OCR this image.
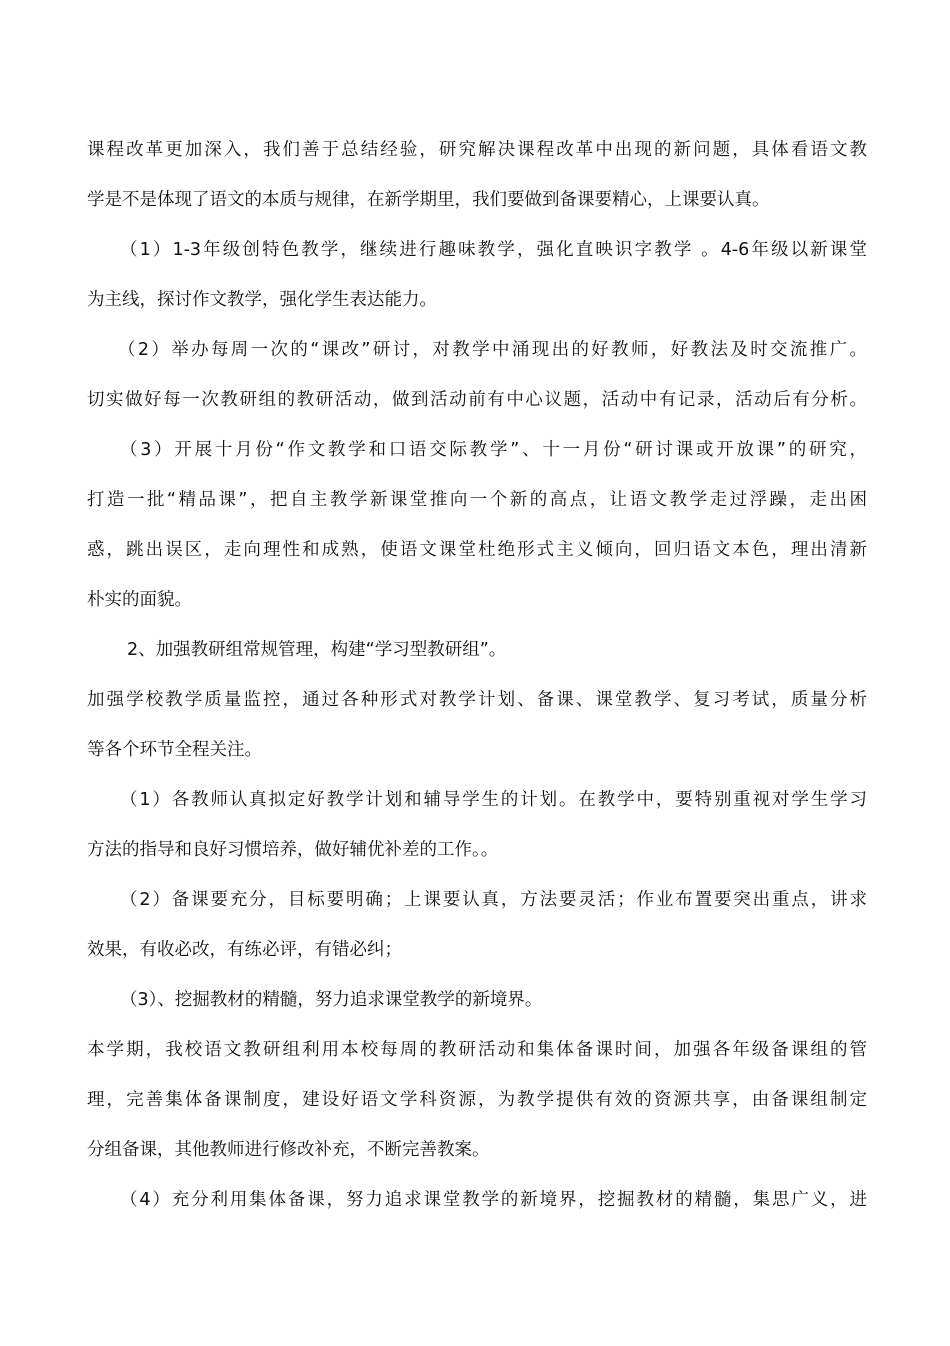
课程改革更加深入，我们善于总结经验，研究解决课程改革中出现的新问题，具体看语文教
学是不是体现了语文的本质与规律，在新学期里，我们要做到备课要精心，上课要认真。
（1）1-3年级创特色教学，继续进行趣味教学，强化直映识字教学 。4-6年级以新课堂
为主线，探讨作文教学，强化学生表达能力。
（2）举办每周一次的“课改”研讨，对教学中涌现出的好教师，好教法及时交流推广。
切实做好每一次教研组的教研活动，做到活动前有中心议题，活动中有记录，活动后有分析。
（3）开展十月份“作文教学和口语交际教学”、十一月份“研讨课或开放课”的研究，
打造一批“精品课”，把自主教学新课堂推向一个新的高点，让语文教学走过浮躁，走出困
惑，跳出误区，走向理性和成熟，使语文课堂杜绝形式主义倾向，回归语文本色，理出清新
朴实的面貌。
2、加强教研组常规管理，构建“学习型教研组”。
加强学校教学质量监控，通过各种形式对教学计划、备课、课堂教学、复习考试，质量分析
等各个环节全程关注。
（1）各教师认真拟定好教学计划和辅导学生的计划。在教学中，要特别重视对学生学习
方法的指导和良好习惯培养，做好辅优补差的工作。。
（2）备课要充分，目标要明确；上课要认真，方法要灵活；作业布置要突出重点，讲求
效果，有收必改，有练必评，有错必纠；
（3）、挖掘教材的精髓，努力追求课堂教学的新境界。
本学期，我校语文教研组利用本校每周的教研活动和集体备课时间，加强各年级备课组的管
理，完善集体备课制度，建设好语文学科资源，为教学提供有效的资源共享，由备课组制定
分组备课，其他教师进行修改补充，不断完善教案。
（4）充分利用集体备课，努力追求课堂教学的新境界，挖掘教材的精髓，集思广义，进
